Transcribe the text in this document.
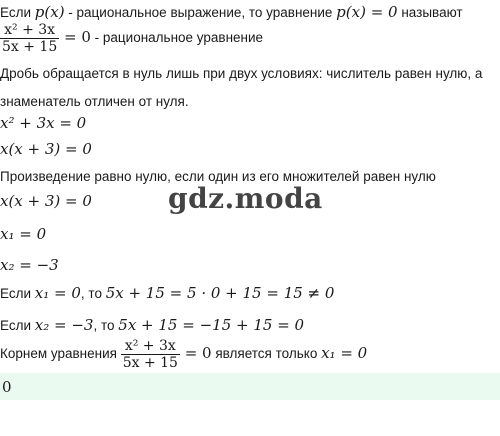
Если p(x) - рациональное выражение, то уравнение p(x) = 0 называют
$\frac{\text{x² + 3x}}{5x + 15} = 0$ - рациональное уравнение
Дробь обращается в нуль лишь при двух условиях: числитель равен нулю, а
знаменатель отличен от нуля.
x² + 3x = 0
x(x + 3) = 0
Произведение равно нулю, если один из его множителей равен нулю
x(x + 3) = 0
x₁ = 0
x₂ = −3
Если x₁ = 0, то 5x + 15 = 5 · 0 + 15 = 15 ≠ 0
Если x₂ = −3, то 5x + 15 = −15 + 15 = 0
Корнем уравнения $\frac{\text{x² + 3x}}{5x + 15} = 0$ является только x₁ = 0
0
gdz.moda
